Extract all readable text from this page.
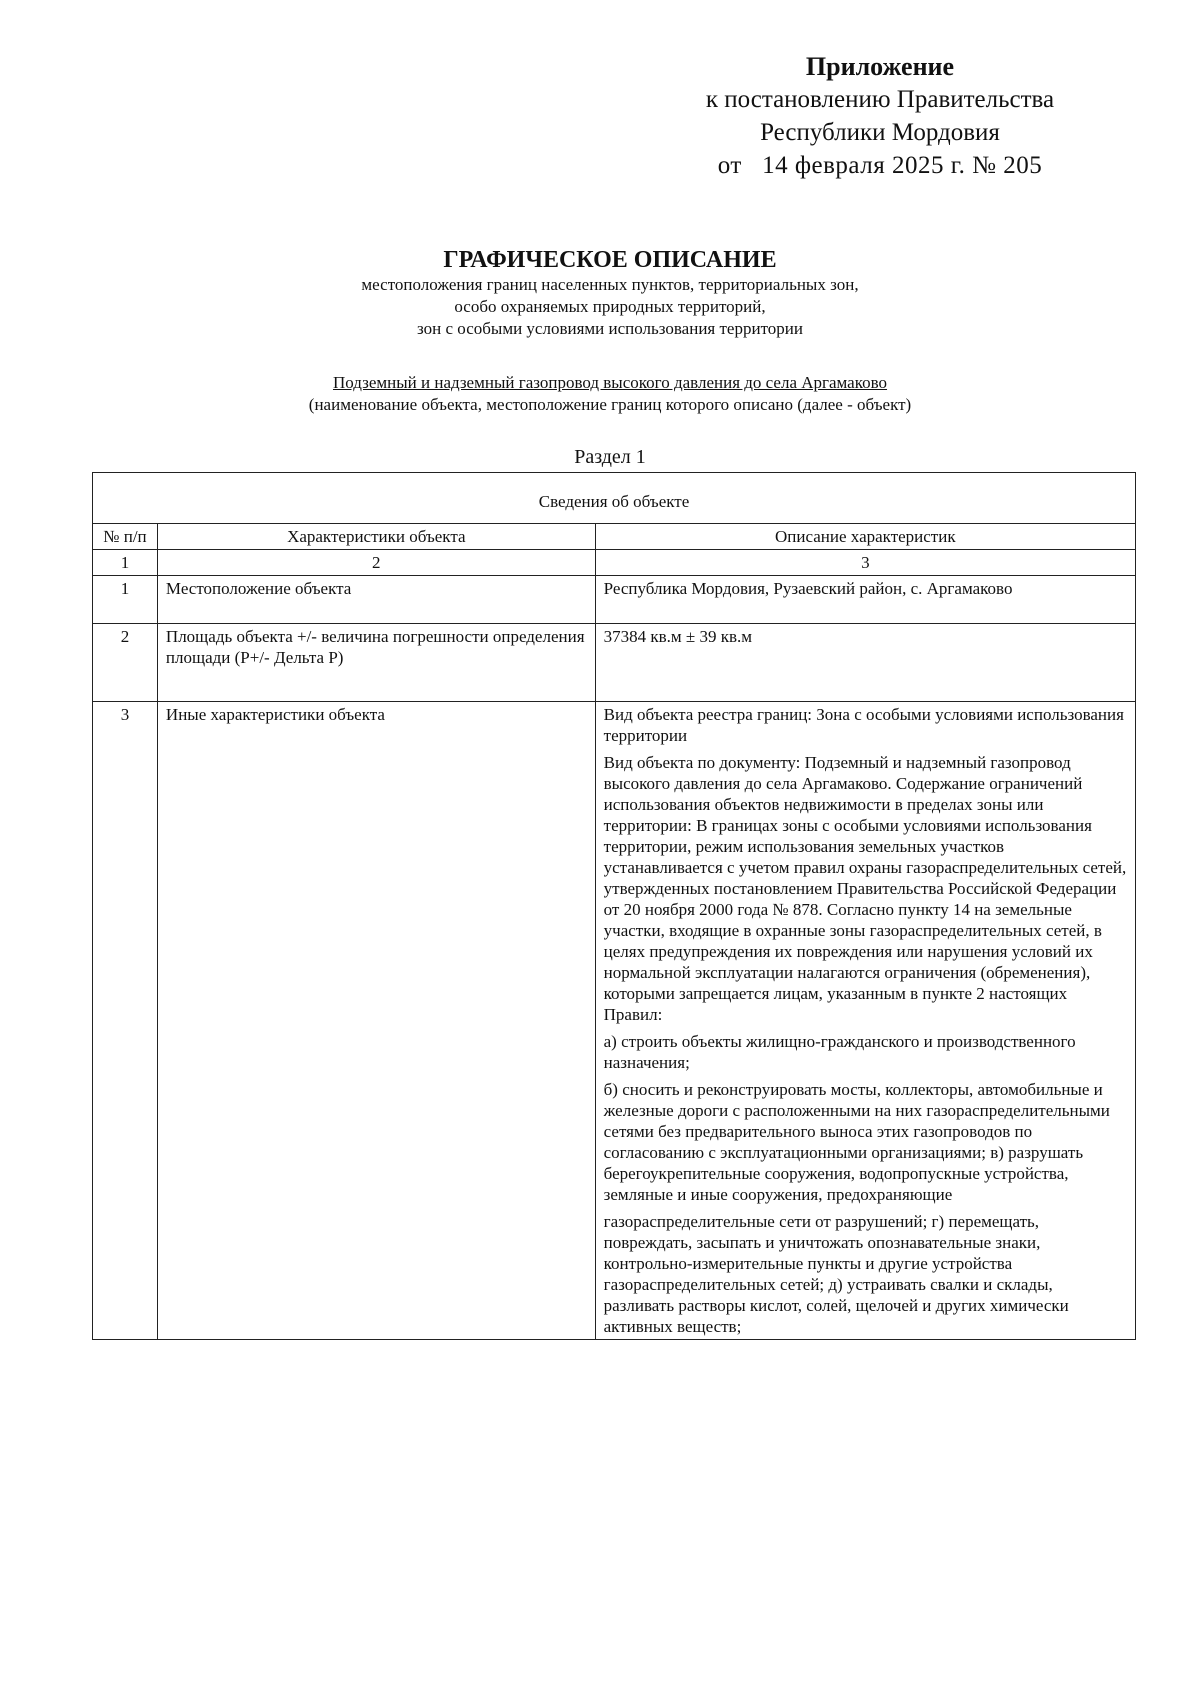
Приложение
к постановлению Правительства
Республики Мордовия
от   14 февраля 2025 г. № 205
ГРАФИЧЕСКОЕ ОПИСАНИЕ
местоположения границ населенных пунктов, территориальных зон,
особо охраняемых природных территорий,
зон с особыми условиями использования территории
Подземный и надземный газопровод высокого давления до села Аргамаково
(наименование объекта, местоположение границ которого описано (далее - объект)
Раздел 1
Сведения об объекте		
№ п/п	Характеристики объекта	Описание характеристик
1	2	3
1	Местоположение объекта	Республика Мордовия, Рузаевский район, с. Аргамаково
2	Площадь объекта +/- величина погрешности определения площади (Р+/- Дельта Р)	37384 кв.м ± 39 кв.м
3	Иные характеристики объекта	Вид объекта реестра границ: Зона с особыми условиями использования территории

Вид объекта по документу: Подземный и надземный газопровод высокого давления до села Аргамаково. Содержание ограничений использования объектов недвижимости в пределах зоны или территории: В границах зоны с особыми условиями использования территории, режим использования земельных участков устанавливается с учетом правил охраны газораспределительных сетей, утвержденных постановлением Правительства Российской Федерации от 20 ноября 2000 года № 878. Согласно пункту 14 на земельные участки, входящие в охранные зоны газораспределительных сетей, в целях предупреждения их повреждения или нарушения условий их нормальной эксплуатации налагаются ограничения (обременения), которыми запрещается лицам, указанным в пункте 2 настоящих Правил:

а) строить объекты жилищно-гражданского и производственного назначения;

б) сносить и реконструировать мосты, коллекторы, автомобильные и железные дороги с расположенными на них газораспределительными сетями без предварительного выноса этих газопроводов по согласованию с эксплуатационными организациями; в) разрушать берегоукрепительные сооружения, водопропускные устройства, земляные и иные сооружения, предохраняющие

газораспределительные сети от разрушений; г) перемещать, повреждать, засыпать и уничтожать опознавательные знаки, контрольно-измерительные пункты и другие устройства газораспределительных сетей; д) устраивать свалки и склады, разливать растворы кислот, солей, щелочей и других химически активных веществ;
